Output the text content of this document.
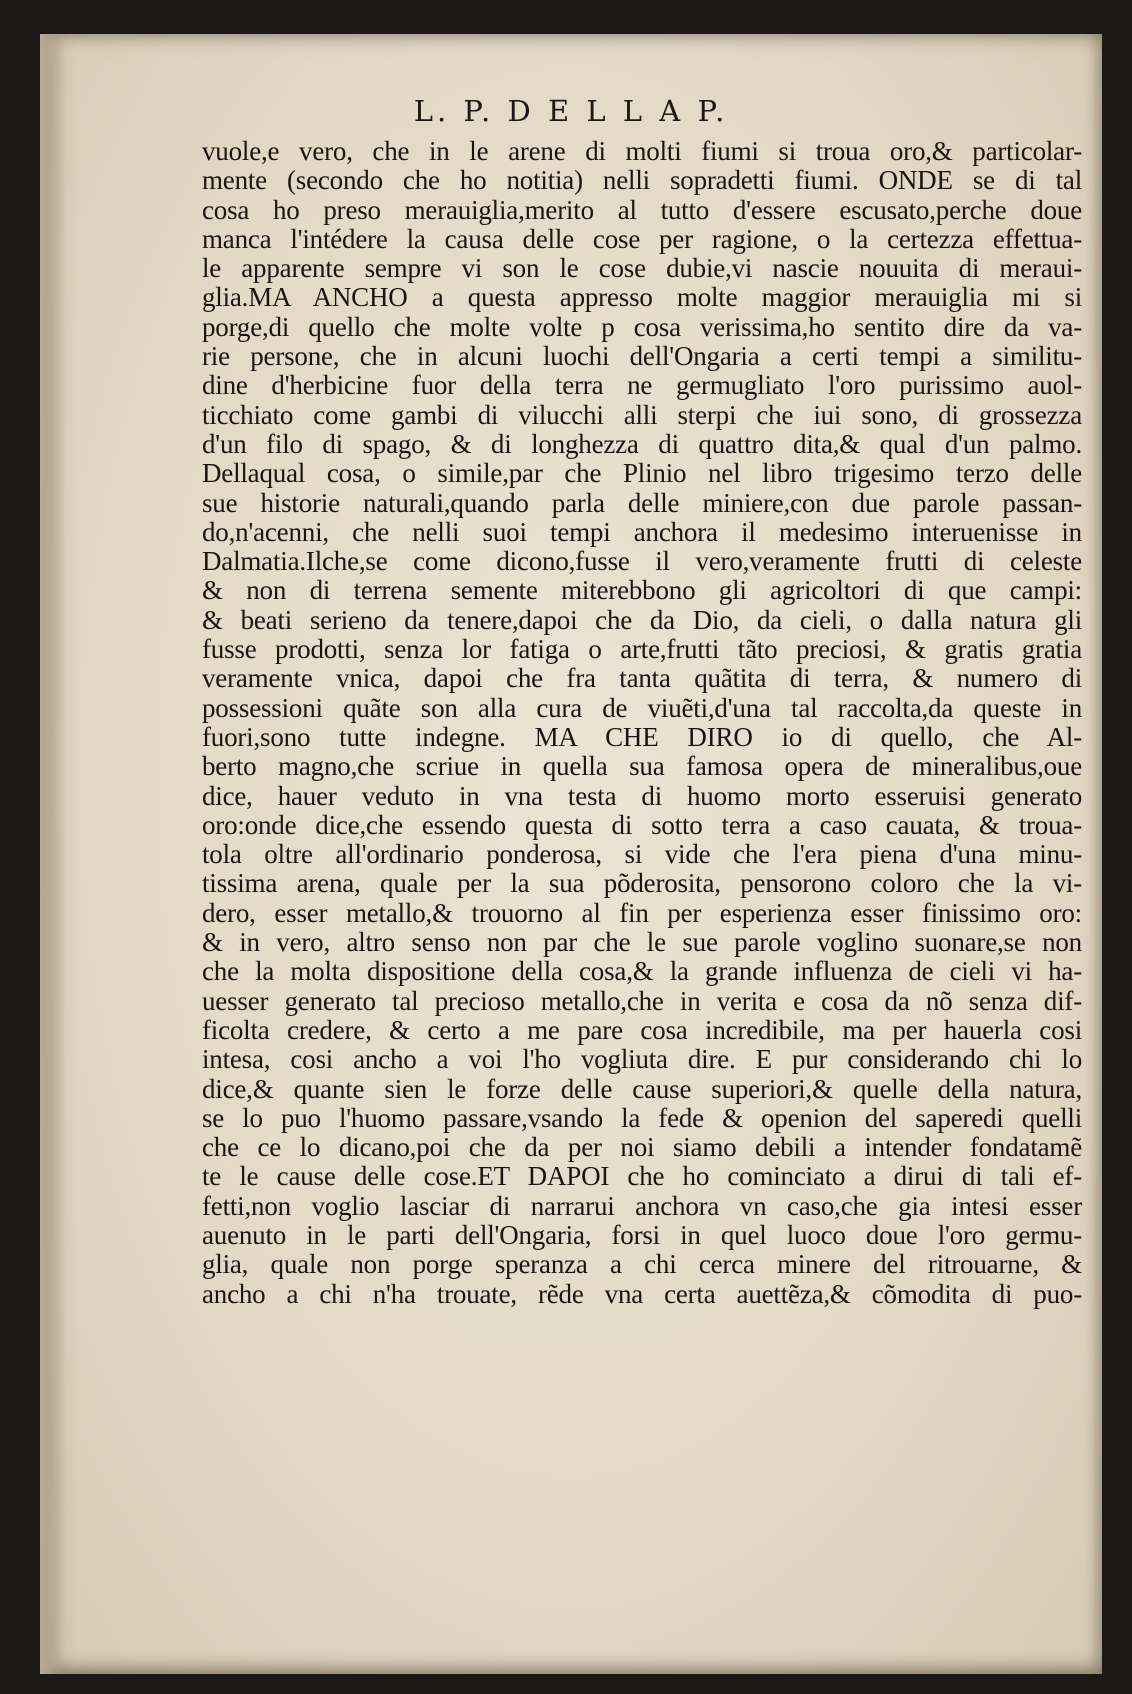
L. P. D E L L A P.
vuole,e vero, che in le arene di molti fiumi si troua oro,& particolar-
mente (secondo che ho notitia) nelli sopradetti fiumi. ONDE se di tal
cosa ho preso merauiglia,merito al tutto d'essere escusato,perche doue
manca l'intédere la causa delle cose per ragione, o la certezza effettua-
le apparente sempre vi son le cose dubie,vi nascie nouuita di meraui-
glia.MA ANCHO a questa appresso molte maggior merauiglia mi si
porge,di quello che molte volte p cosa verissima,ho sentito dire da va-
rie persone, che in alcuni luochi dell'Ongaria a certi tempi a similitu-
dine d'herbicine fuor della terra ne germugliato l'oro purissimo auol-
ticchiato come gambi di vilucchi alli sterpi che iui sono, di grossezza
d'un filo di spago, & di longhezza di quattro dita,& qual d'un palmo.
Dellaqual cosa, o simile,par che Plinio nel libro trigesimo terzo delle
sue historie naturali,quando parla delle miniere,con due parole passan-
do,n'acenni, che nelli suoi tempi anchora il medesimo interuenisse in
Dalmatia.Ilche,se come dicono,fusse il vero,veramente frutti di celeste
& non di terrena semente miterebbono gli agricoltori di que campi:
& beati serieno da tenere,dapoi che da Dio, da cieli, o dalla natura gli
fusse prodotti, senza lor fatiga o arte,frutti tãto preciosi, & gratis gratia
veramente vnica, dapoi che fra tanta quãtita di terra, & numero di
possessioni quãte son alla cura de viuẽti,d'una tal raccolta,da queste in
fuori,sono tutte indegne. MA CHE DIRO io di quello, che Al-
berto magno,che scriue in quella sua famosa opera de mineralibus,oue
dice, hauer veduto in vna testa di huomo morto esseruisi generato
oro:onde dice,che essendo questa di sotto terra a caso cauata, & troua-
tola oltre all'ordinario ponderosa, si vide che l'era piena d'una minu-
tissima arena, quale per la sua põderosita, pensorono coloro che la vi-
dero, esser metallo,& trouorno al fin per esperienza esser finissimo oro:
& in vero, altro senso non par che le sue parole voglino suonare,se non
che la molta dispositione della cosa,& la grande influenza de cieli vi ha-
uesser generato tal precioso metallo,che in verita e cosa da nõ senza dif-
ficolta credere, & certo a me pare cosa incredibile, ma per hauerla cosi
intesa, cosi ancho a voi l'ho vogliuta dire. E pur considerando chi lo
dice,& quante sien le forze delle cause superiori,& quelle della natura,
se lo puo l'huomo passare,vsando la fede & openion del saperedi quelli
che ce lo dicano,poi che da per noi siamo debili a intender fondatamẽ
te le cause delle cose.ET DAPOI che ho cominciato a dirui di tali ef-
fetti,non voglio lasciar di narrarui anchora vn caso,che gia intesi esser
auenuto in le parti dell'Ongaria, forsi in quel luoco doue l'oro germu-
glia, quale non porge speranza a chi cerca minere del ritrouarne, &
ancho a chi n'ha trouate, rẽde vna certa auettẽza,& cõmodita di puo-
